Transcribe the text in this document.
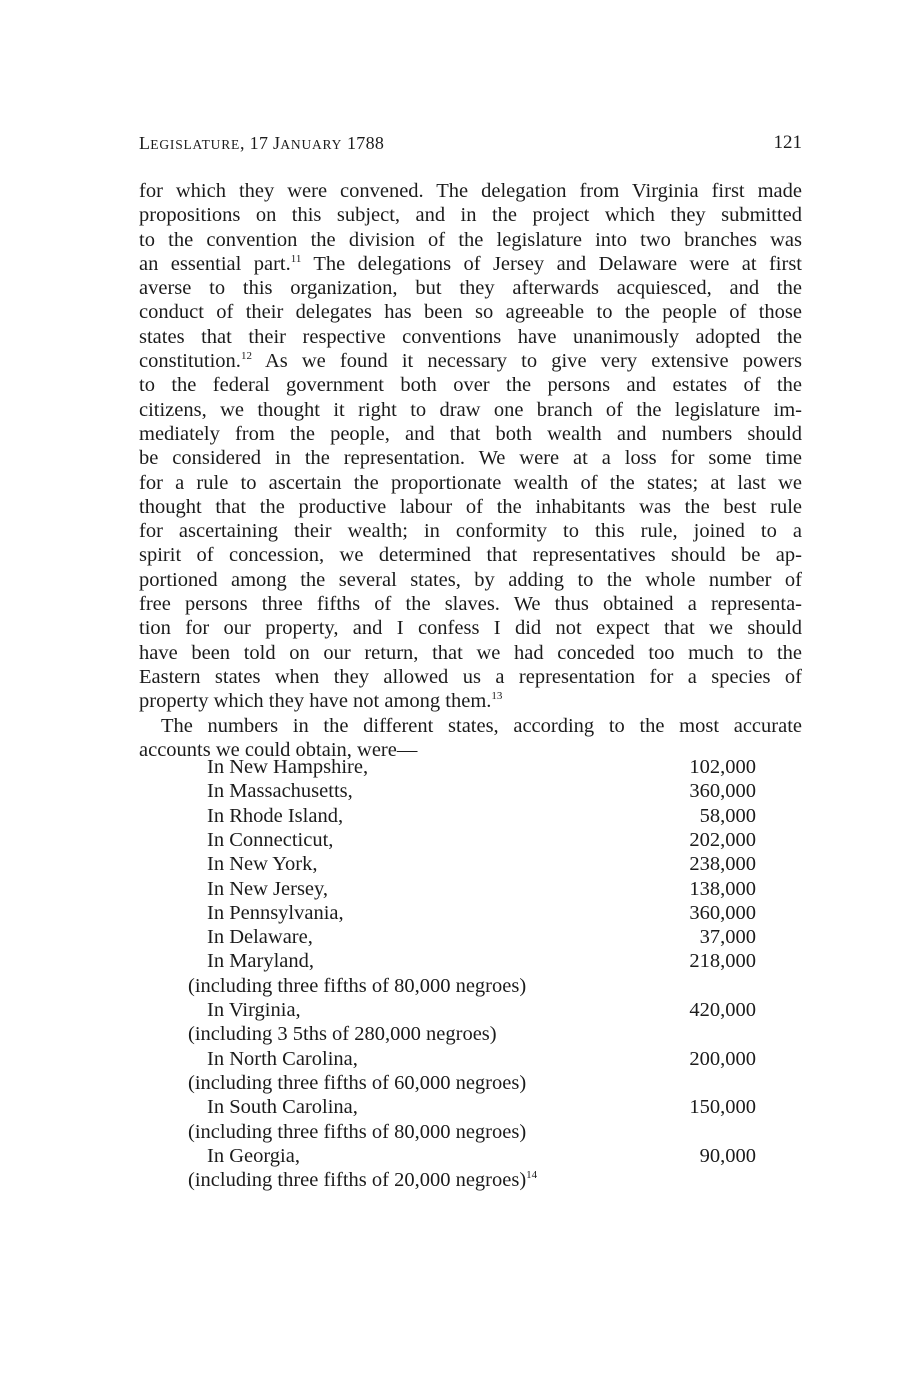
LEGISLATURE, 17 JANUARY 1788	121
for which they were convened. The delegation from Virginia first made
propositions on this subject, and in the project which they submitted
to the convention the division of the legislature into two branches was
an essential part.$^{11}$ The delegations of Jersey and Delaware were at first
averse to this organization, but they afterwards acquiesced, and the
conduct of their delegates has been so agreeable to the people of those
states that their respective conventions have unanimously adopted the
constitution.$^{12}$ As we found it necessary to give very extensive powers
to the federal government both over the persons and estates of the
citizens, we thought it right to draw one branch of the legislature im-
mediately from the people, and that both wealth and numbers should
be considered in the representation. We were at a loss for some time
for a rule to ascertain the proportionate wealth of the states; at last we
thought that the productive labour of the inhabitants was the best rule
for ascertaining their wealth; in conformity to this rule, joined to a
spirit of concession, we determined that representatives should be ap-
portioned among the several states, by adding to the whole number of
free persons three fifths of the slaves. We thus obtained a representa-
tion for our property, and I confess I did not expect that we should
have been told on our return, that we had conceded too much to the
Eastern states when they allowed us a representation for a species of
property which they have not among them.$^{13}$
The numbers in the different states, according to the most accurate
accounts we could obtain, were—
In New Hampshire,	102,000
In Massachusetts,	360,000
In Rhode Island,	58,000
In Connecticut,	202,000
In New York,	238,000
In New Jersey,	138,000
In Pennsylvania,	360,000
In Delaware,	37,000
In Maryland,	218,000
(including three fifths of 80,000 negroes)
In Virginia,	420,000
(including 3 5ths of 280,000 negroes)
In North Carolina,	200,000
(including three fifths of 60,000 negroes)
In South Carolina,	150,000
(including three fifths of 80,000 negroes)
In Georgia,	90,000
(including three fifths of 20,000 negroes)$^{14}$
